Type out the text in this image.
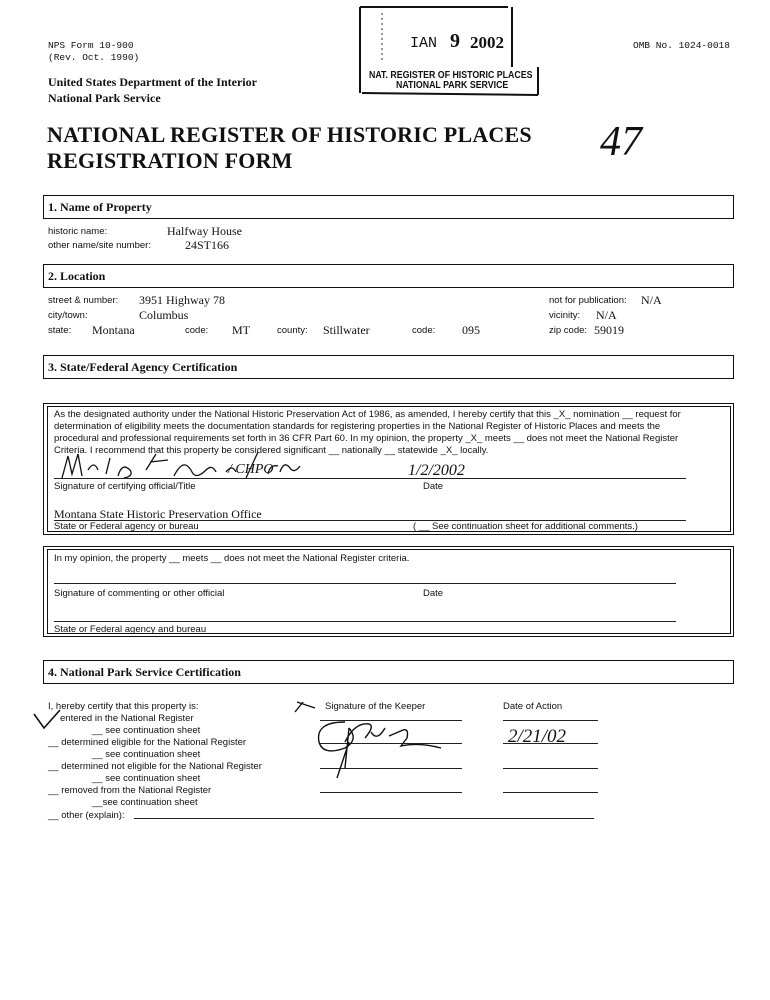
NPS Form 10-900
(Rev. Oct. 1990)
OMB No. 1024-0018
United States Department of the Interior
National Park Service
IAN 9 2002
NAT. REGISTER OF HISTORIC PLACES
NATIONAL PARK SERVICE
47
NATIONAL REGISTER OF HISTORIC PLACES
REGISTRATION FORM
1. Name of Property
historic name:	Halfway House
other name/site number:	24ST166
2. Location
street & number: 3951 Highway 78
city/town:	Columbus
state: Montana	code: MT	county: Stillwater	code: 095
not for publication: N/A
vicinity: N/A
zip code: 59019
3. State/Federal Agency Certification
As the designated authority under the National Historic Preservation Act of 1986, as amended, I hereby certify that this _X_ nomination __ request for
determination of eligibility meets the documentation standards for registering properties in the National Register of Historic Places and meets the
procedural and professional requirements set forth in 36 CFR Part 60. In my opinion, the property _X_ meets __ does not meet the National Register
Criteria. I recommend that this property be considered significant __ nationally __ statewide _X_ locally.
/ CHPO	1/2/2002
Signature of certifying official/Title	Date
Montana State Historic Preservation Office
State or Federal agency or bureau	( __ See continuation sheet for additional comments.)
In my opinion, the property __ meets __ does not meet the National Register criteria.
Signature of commenting or other official	Date
State or Federal agency and bureau
4. National Park Service Certification
I, hereby certify that this property is:
entered in the National Register
__ see continuation sheet
__ determined eligible for the National Register
__ see continuation sheet
__ determined not eligible for the National Register
__ see continuation sheet
__ removed from the National Register
__see continuation sheet
__ other (explain):
Signature of the Keeper	Date of Action
2/21/02
